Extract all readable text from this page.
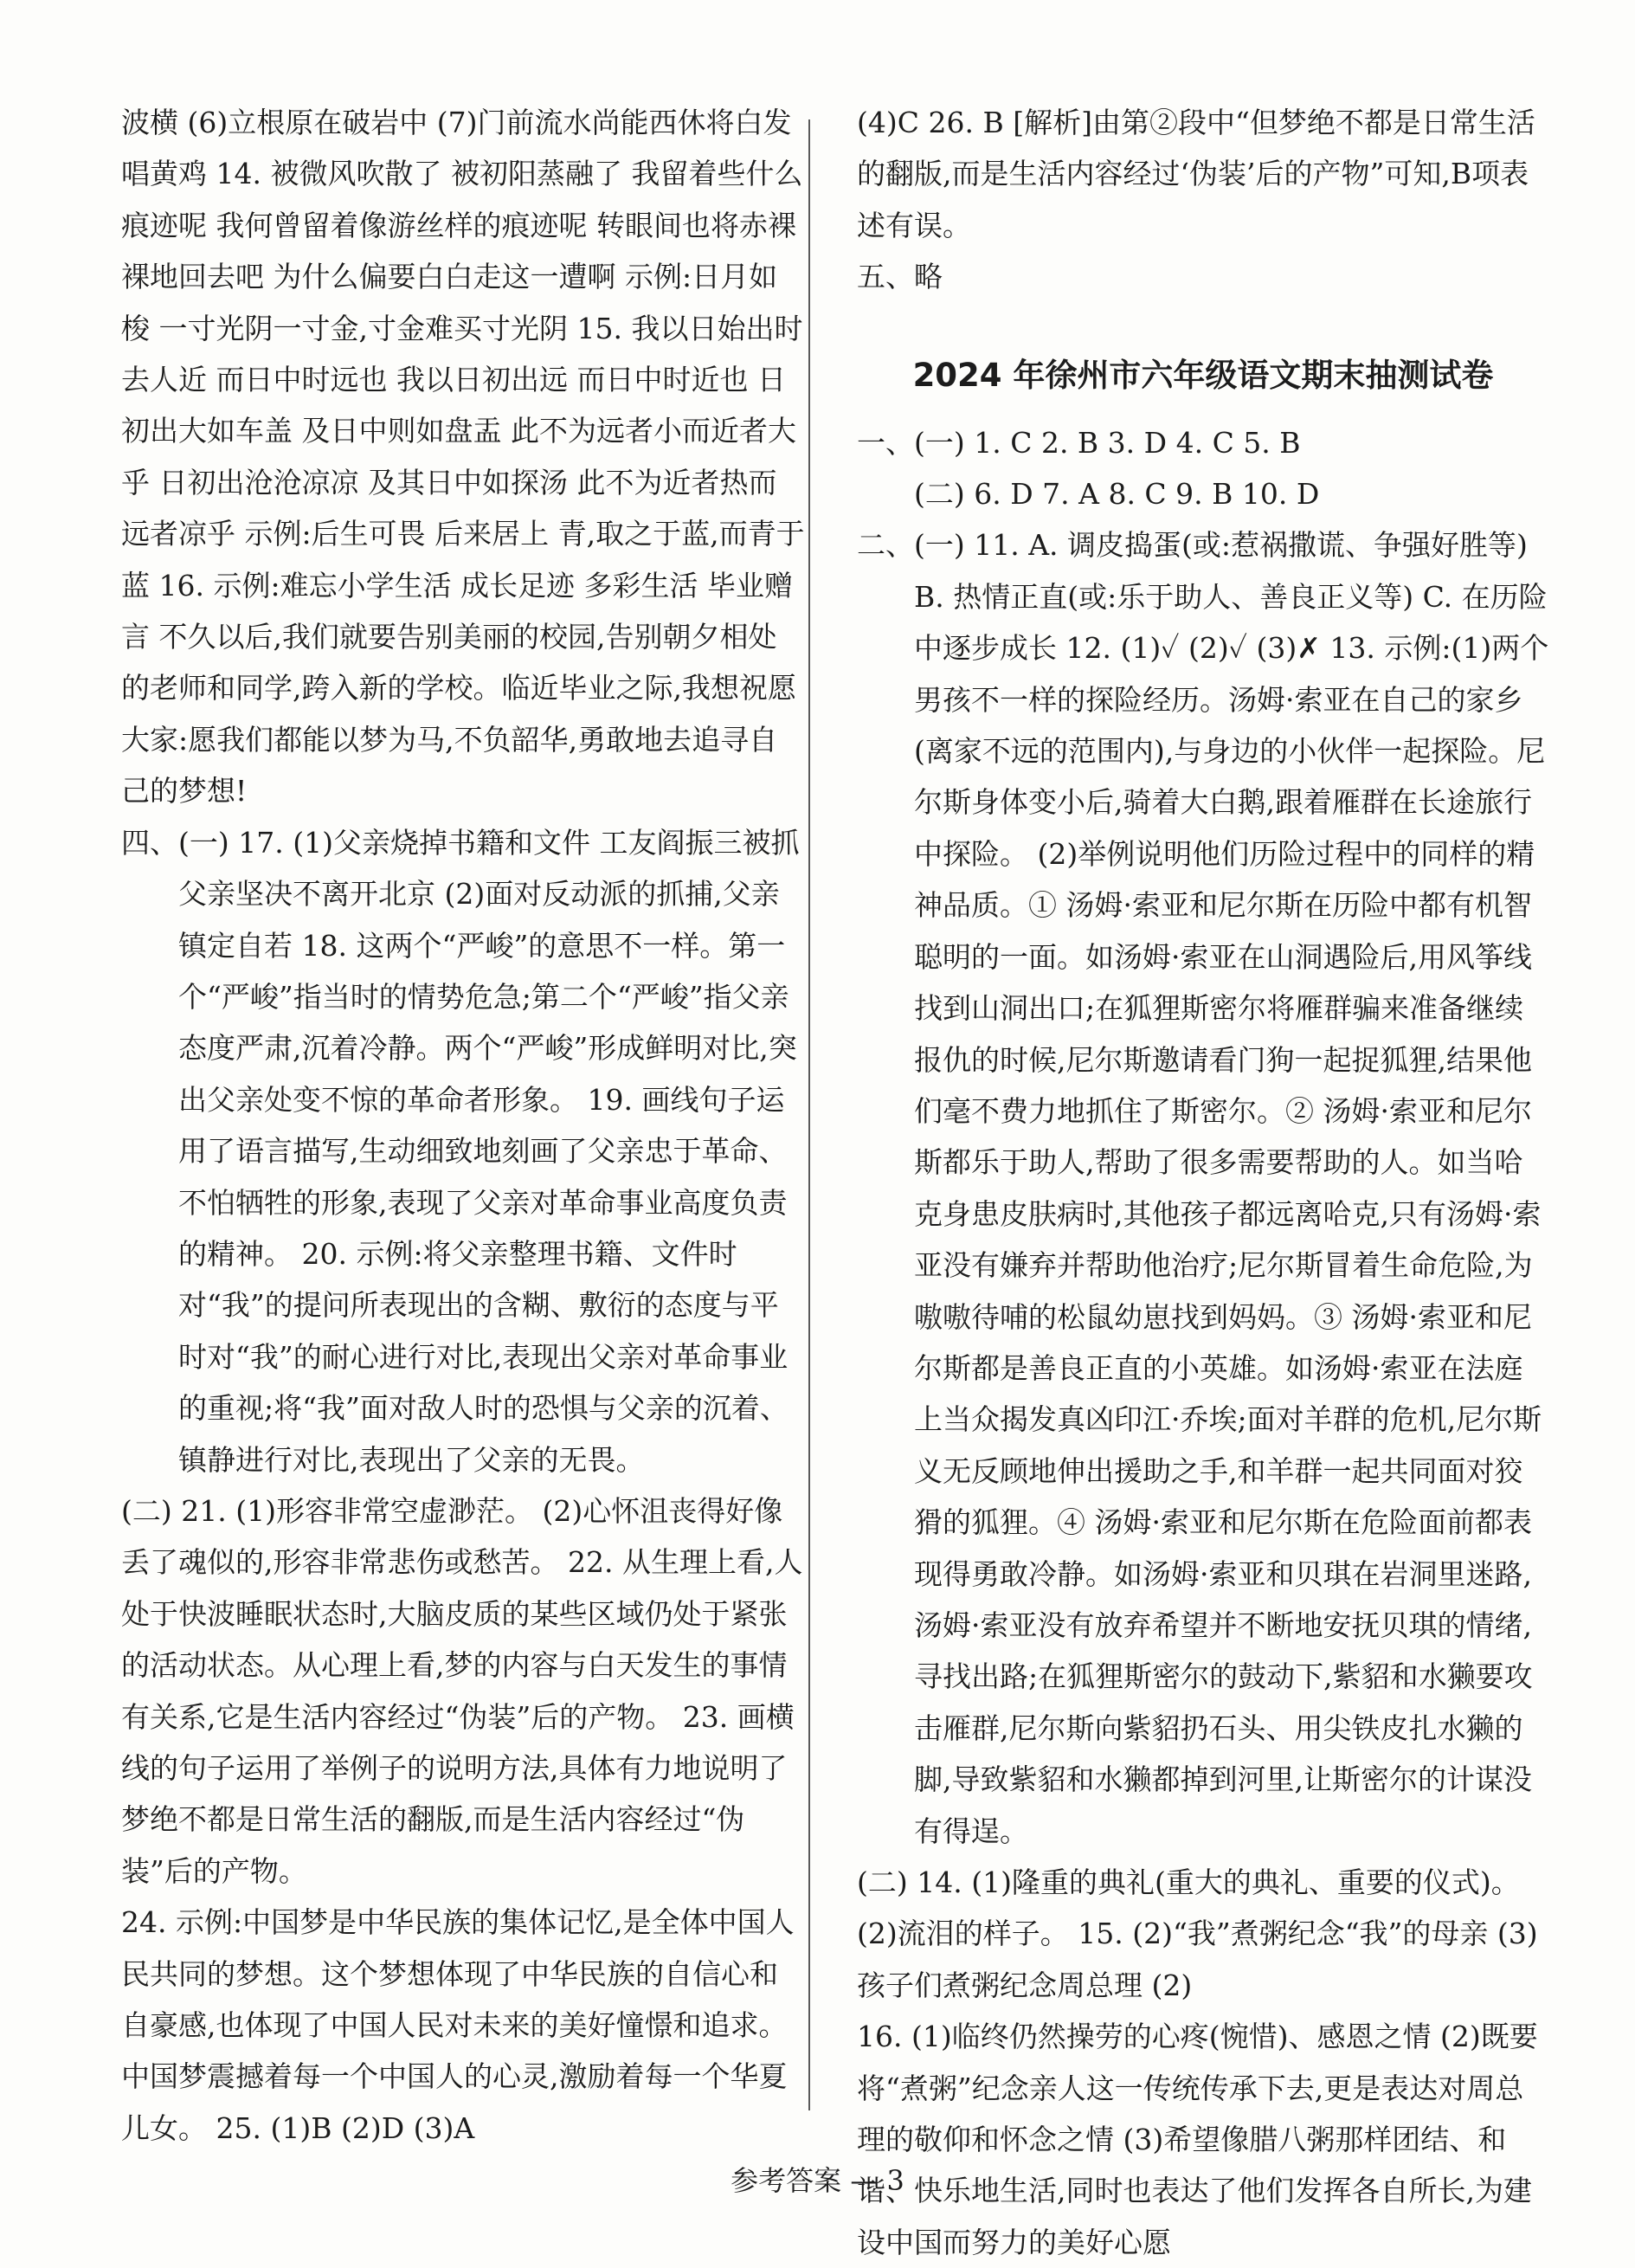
波横 (6)立根原在破岩中 (7)门前流水尚能西休将白发唱黄鸡 14. 被微风吹散了 被初阳蒸融了 我留着些什么痕迹呢 我何曾留着像游丝样的痕迹呢 转眼间也将赤裸裸地回去吧 为什么偏要白白走这一遭啊 示例:日月如梭 一寸光阴一寸金,寸金难买寸光阴 15. 我以日始出时去人近 而日中时远也 我以日初出远 而日中时近也 日初出大如车盖 及日中则如盘盂 此不为远者小而近者大乎 日初出沧沧凉凉 及其日中如探汤 此不为近者热而远者凉乎 示例:后生可畏 后来居上 青,取之于蓝,而青于蓝 16. 示例:难忘小学生活 成长足迹 多彩生活 毕业赠言 不久以后,我们就要告别美丽的校园,告别朝夕相处的老师和同学,跨入新的学校。临近毕业之际,我想祝愿大家:愿我们都能以梦为马,不负韶华,勇敢地去追寻自己的梦想!

四、 (一) 17. (1)父亲烧掉书籍和文件 工友阎振三被抓 父亲坚决不离开北京 (2)面对反动派的抓捕,父亲镇定自若 18. 这两个“严峻”的意思不一样。第一个“严峻”指当时的情势危急;第二个“严峻”指父亲态度严肃,沉着冷静。两个“严峻”形成鲜明对比,突出父亲处变不惊的革命者形象。 19. 画线句子运用了语言描写,生动细致地刻画了父亲忠于革命、不怕牺牲的形象,表现了父亲对革命事业高度负责的精神。 20. 示例:将父亲整理书籍、文件时对“我”的提问所表现出的含糊、敷衍的态度与平时对“我”的耐心进行对比,表现出父亲对革命事业的重视;将“我”面对敌人时的恐惧与父亲的沉着、镇静进行对比,表现出了父亲的无畏。

(二) 21. (1)形容非常空虚渺茫。 (2)心怀沮丧得好像丢了魂似的,形容非常悲伤或愁苦。 22. 从生理上看,人处于快波睡眠状态时,大脑皮质的某些区域仍处于紧张的活动状态。从心理上看,梦的内容与白天发生的事情有关系,它是生活内容经过“伪装”后的产物。 23. 画横线的句子运用了举例子的说明方法,具体有力地说明了梦绝不都是日常生活的翻版,而是生活内容经过“伪装”后的产物。

24. 示例:中国梦是中华民族的集体记忆,是全体中国人民共同的梦想。这个梦想体现了中华民族的自信心和自豪感,也体现了中国人民对未来的美好憧憬和追求。中国梦震撼着每一个中国人的心灵,激励着每一个华夏儿女。 25. (1)B (2)D (3)A

(4)C 26. B [解析]由第②段中“但梦绝不都是日常生活的翻版,而是生活内容经过‘伪装’后的产物”可知,B项表述有误。

五、略

2024 年徐州市六年级语文期末抽测试卷
一、 (一) 1. C 2. B 3. D 4. C 5. B
(二) 6. D 7. A 8. C 9. B 10. D
二、 (一) 11. A. 调皮捣蛋(或:惹祸撒谎、争强好胜等) B. 热情正直(或:乐于助人、善良正义等) C. 在历险中逐步成长 12. (1)✓ (2)✓ (3)✗ 13. 示例:(1)两个男孩不一样的探险经历。汤姆·索亚在自己的家乡(离家不远的范围内),与身边的小伙伴一起探险。尼尔斯身体变小后,骑着大白鹅,跟着雁群在长途旅行中探险。 (2)举例说明他们历险过程中的同样的精神品质。① 汤姆·索亚和尼尔斯在历险中都有机智聪明的一面。如汤姆·索亚在山洞遇险后,用风筝线找到山洞出口;在狐狸斯密尔将雁群骗来准备继续报仇的时候,尼尔斯邀请看门狗一起捉狐狸,结果他们毫不费力地抓住了斯密尔。② 汤姆·索亚和尼尔斯都乐于助人,帮助了很多需要帮助的人。如当哈克身患皮肤病时,其他孩子都远离哈克,只有汤姆·索亚没有嫌弃并帮助他治疗;尼尔斯冒着生命危险,为嗷嗷待哺的松鼠幼崽找到妈妈。③ 汤姆·索亚和尼尔斯都是善良正直的小英雄。如汤姆·索亚在法庭上当众揭发真凶印江·乔埃;面对羊群的危机,尼尔斯义无反顾地伸出援助之手,和羊群一起共同面对狡猾的狐狸。④ 汤姆·索亚和尼尔斯在危险面前都表现得勇敢冷静。如汤姆·索亚和贝琪在岩洞里迷路,汤姆·索亚没有放弃希望并不断地安抚贝琪的情绪,寻找出路;在狐狸斯密尔的鼓动下,紫貂和水獭要攻击雁群,尼尔斯向紫貂扔石头、用尖铁皮扎水獭的脚,导致紫貂和水獭都掉到河里,让斯密尔的计谋没有得逞。

(二) 14. (1)隆重的典礼(重大的典礼、重要的仪式)。 (2)流泪的样子。 15. (2)“我”煮粥纪念“我”的母亲 (3)孩子们煮粥纪念周总理 (2)

16. (1)临终仍然操劳的心疼(惋惜)、感恩之情 (2)既要将“煮粥”纪念亲人这一传统传承下去,更是表达对周总理的敬仰和怀念之情 (3)希望像腊八粥那样团结、和谐、快乐地生活,同时也表达了他们发挥各自所长,为建设中国而努力的美好心愿

参考答案 — 3
